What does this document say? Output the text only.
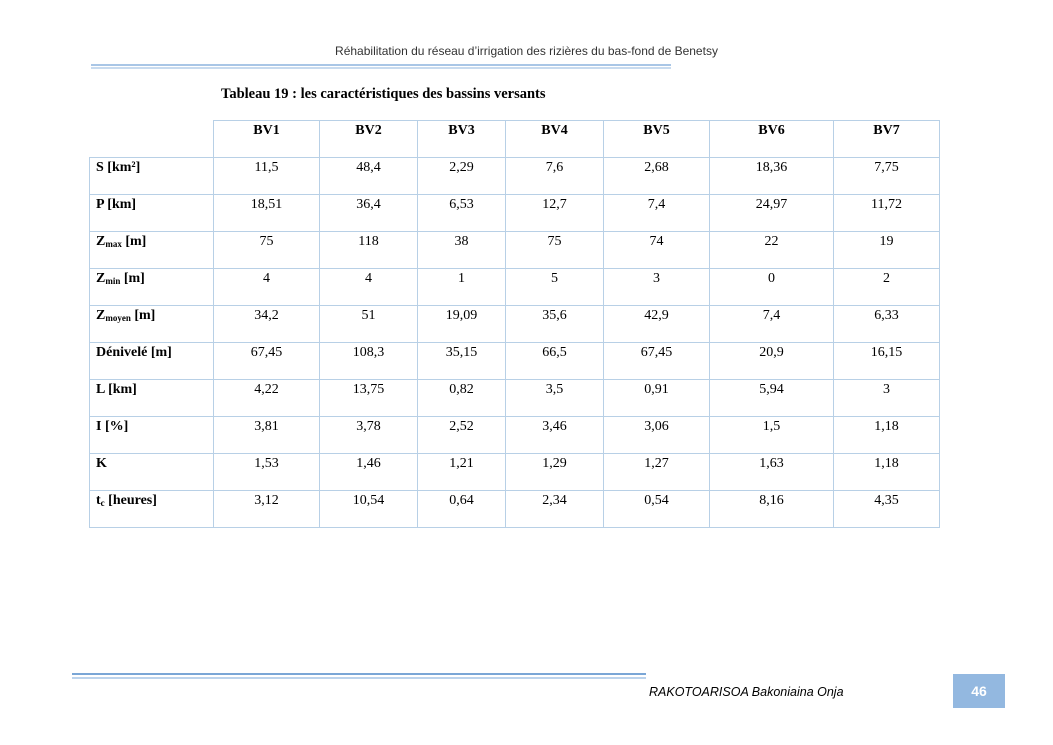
Réhabilitation du réseau d’irrigation des rizières du bas-fond de Benetsy
Tableau 19 : les caractéristiques des bassins versants
	BV1	BV2	BV3	BV4	BV5	BV6	BV7
S [km²]	11,5	48,4	2,29	7,6	2,68	18,36	7,75
P [km]	18,51	36,4	6,53	12,7	7,4	24,97	11,72
$Z_{max}$ [m]	75	118	38	75	74	22	19
$Z_{min}$ [m]	4	4	1	5	3	0	2
$Z_{moyen}$ [m]	34,2	51	19,09	35,6	42,9	7,4	6,33
Dénivelé [m]	67,45	108,3	35,15	66,5	67,45	20,9	16,15
L [km]	4,22	13,75	0,82	3,5	0,91	5,94	3
I [%]	3,81	3,78	2,52	3,46	3,06	1,5	1,18
K	1,53	1,46	1,21	1,29	1,27	1,63	1,18
$t_c$ [heures]	3,12	10,54	0,64	2,34	0,54	8,16	4,35
RAKOTOARISOA Bakoniaina Onja	46
